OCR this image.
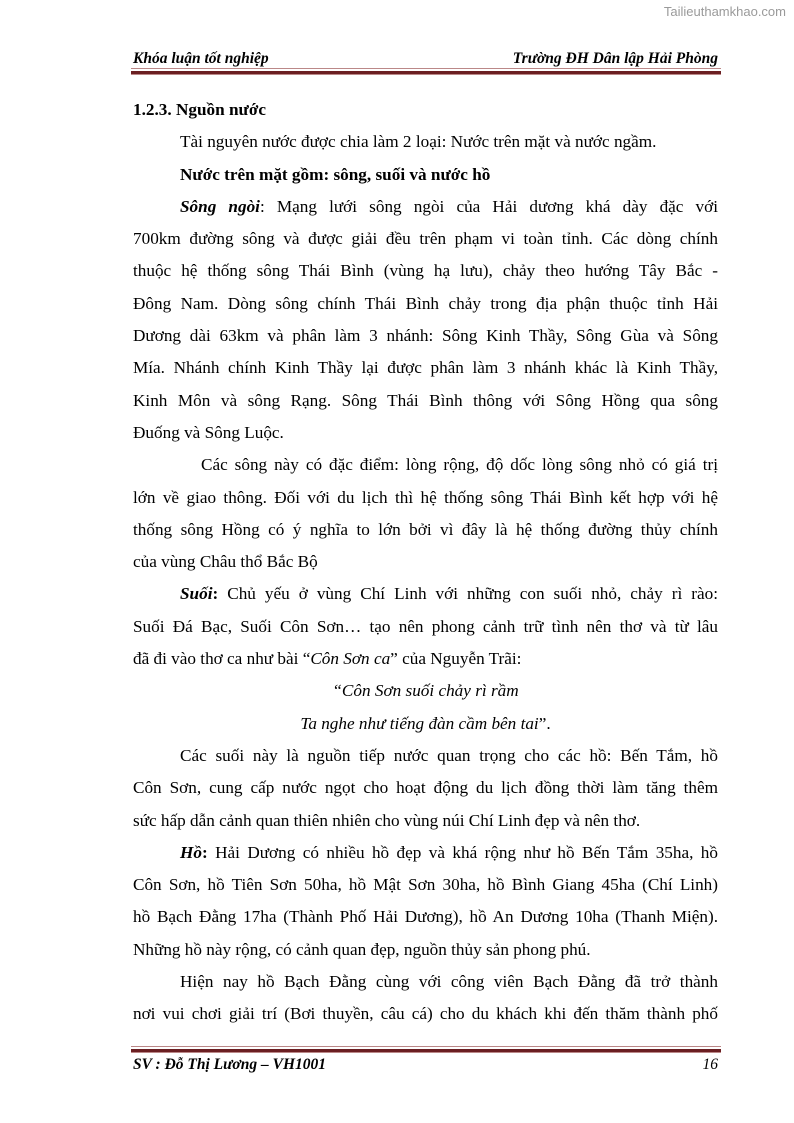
Tailieuthamkhao.com
Khóa luận tốt nghiệp	Trường ĐH Dân lập Hải Phòng
1.2.3. Nguồn nước
Tài nguyên nước được chia làm 2 loại: Nước trên mặt và nước ngầm.
Nước trên mặt gồm: sông, suối và nước hồ
Sông ngòi: Mạng lưới sông ngòi của Hải dương khá dày đặc với
700km đường sông và được giải đều trên phạm vi toàn tỉnh. Các dòng chính
thuộc hệ thống sông Thái Bình (vùng hạ lưu), chảy theo hướng Tây Bắc -
Đông Nam. Dòng sông chính Thái Bình chảy trong địa phận thuộc tỉnh Hải
Dương dài 63km và phân làm 3 nhánh: Sông Kinh Thầy, Sông Gùa và Sông
Mía. Nhánh chính Kinh Thầy lại được phân làm 3 nhánh khác là Kinh Thầy,
Kinh Môn và sông Rạng. Sông Thái Bình thông với Sông Hồng qua sông
Đuống và Sông Luộc.
Các sông này có đặc điểm: lòng rộng, độ dốc lòng sông nhỏ có giá trị
lớn về giao thông. Đối với du lịch thì hệ thống sông Thái Bình kết hợp với hệ
thống sông Hồng có ý nghĩa to lớn bởi vì đây là hệ thống đường thủy chính
của vùng Châu thổ Bắc Bộ
Suối: Chủ yếu ở vùng Chí Linh với những con suối nhỏ, chảy rì rào:
Suối Đá Bạc, Suối Côn Sơn… tạo nên phong cảnh trữ tình nên thơ và từ lâu
đã đi vào thơ ca như bài “Côn Sơn ca” của Nguyễn Trãi:
“Côn Sơn suối chảy rì rầm
Ta nghe như tiếng đàn cầm bên tai”.
Các suối này là nguồn tiếp nước quan trọng cho các hồ: Bến Tắm, hồ
Côn Sơn, cung cấp nước ngọt cho hoạt động du lịch đồng thời làm tăng thêm
sức hấp dẫn cảnh quan thiên nhiên cho vùng núi Chí Linh đẹp và nên thơ.
Hồ: Hải Dương có nhiều hồ đẹp và khá rộng như hồ Bến Tắm 35ha, hồ
Côn Sơn, hồ Tiên Sơn 50ha, hồ Mật Sơn 30ha, hồ Bình Giang 45ha (Chí Linh)
hồ Bạch Đằng 17ha (Thành Phố Hải Dương), hồ An Dương 10ha (Thanh Miện).
Những hồ này rộng, có cảnh quan đẹp, nguồn thủy sản phong phú.
Hiện nay hồ Bạch Đằng cùng với công viên Bạch Đằng đã trở thành
nơi vui chơi giải trí (Bơi thuyền, câu cá) cho du khách khi đến thăm thành phố
SV : Đỗ Thị Lương – VH1001	16
